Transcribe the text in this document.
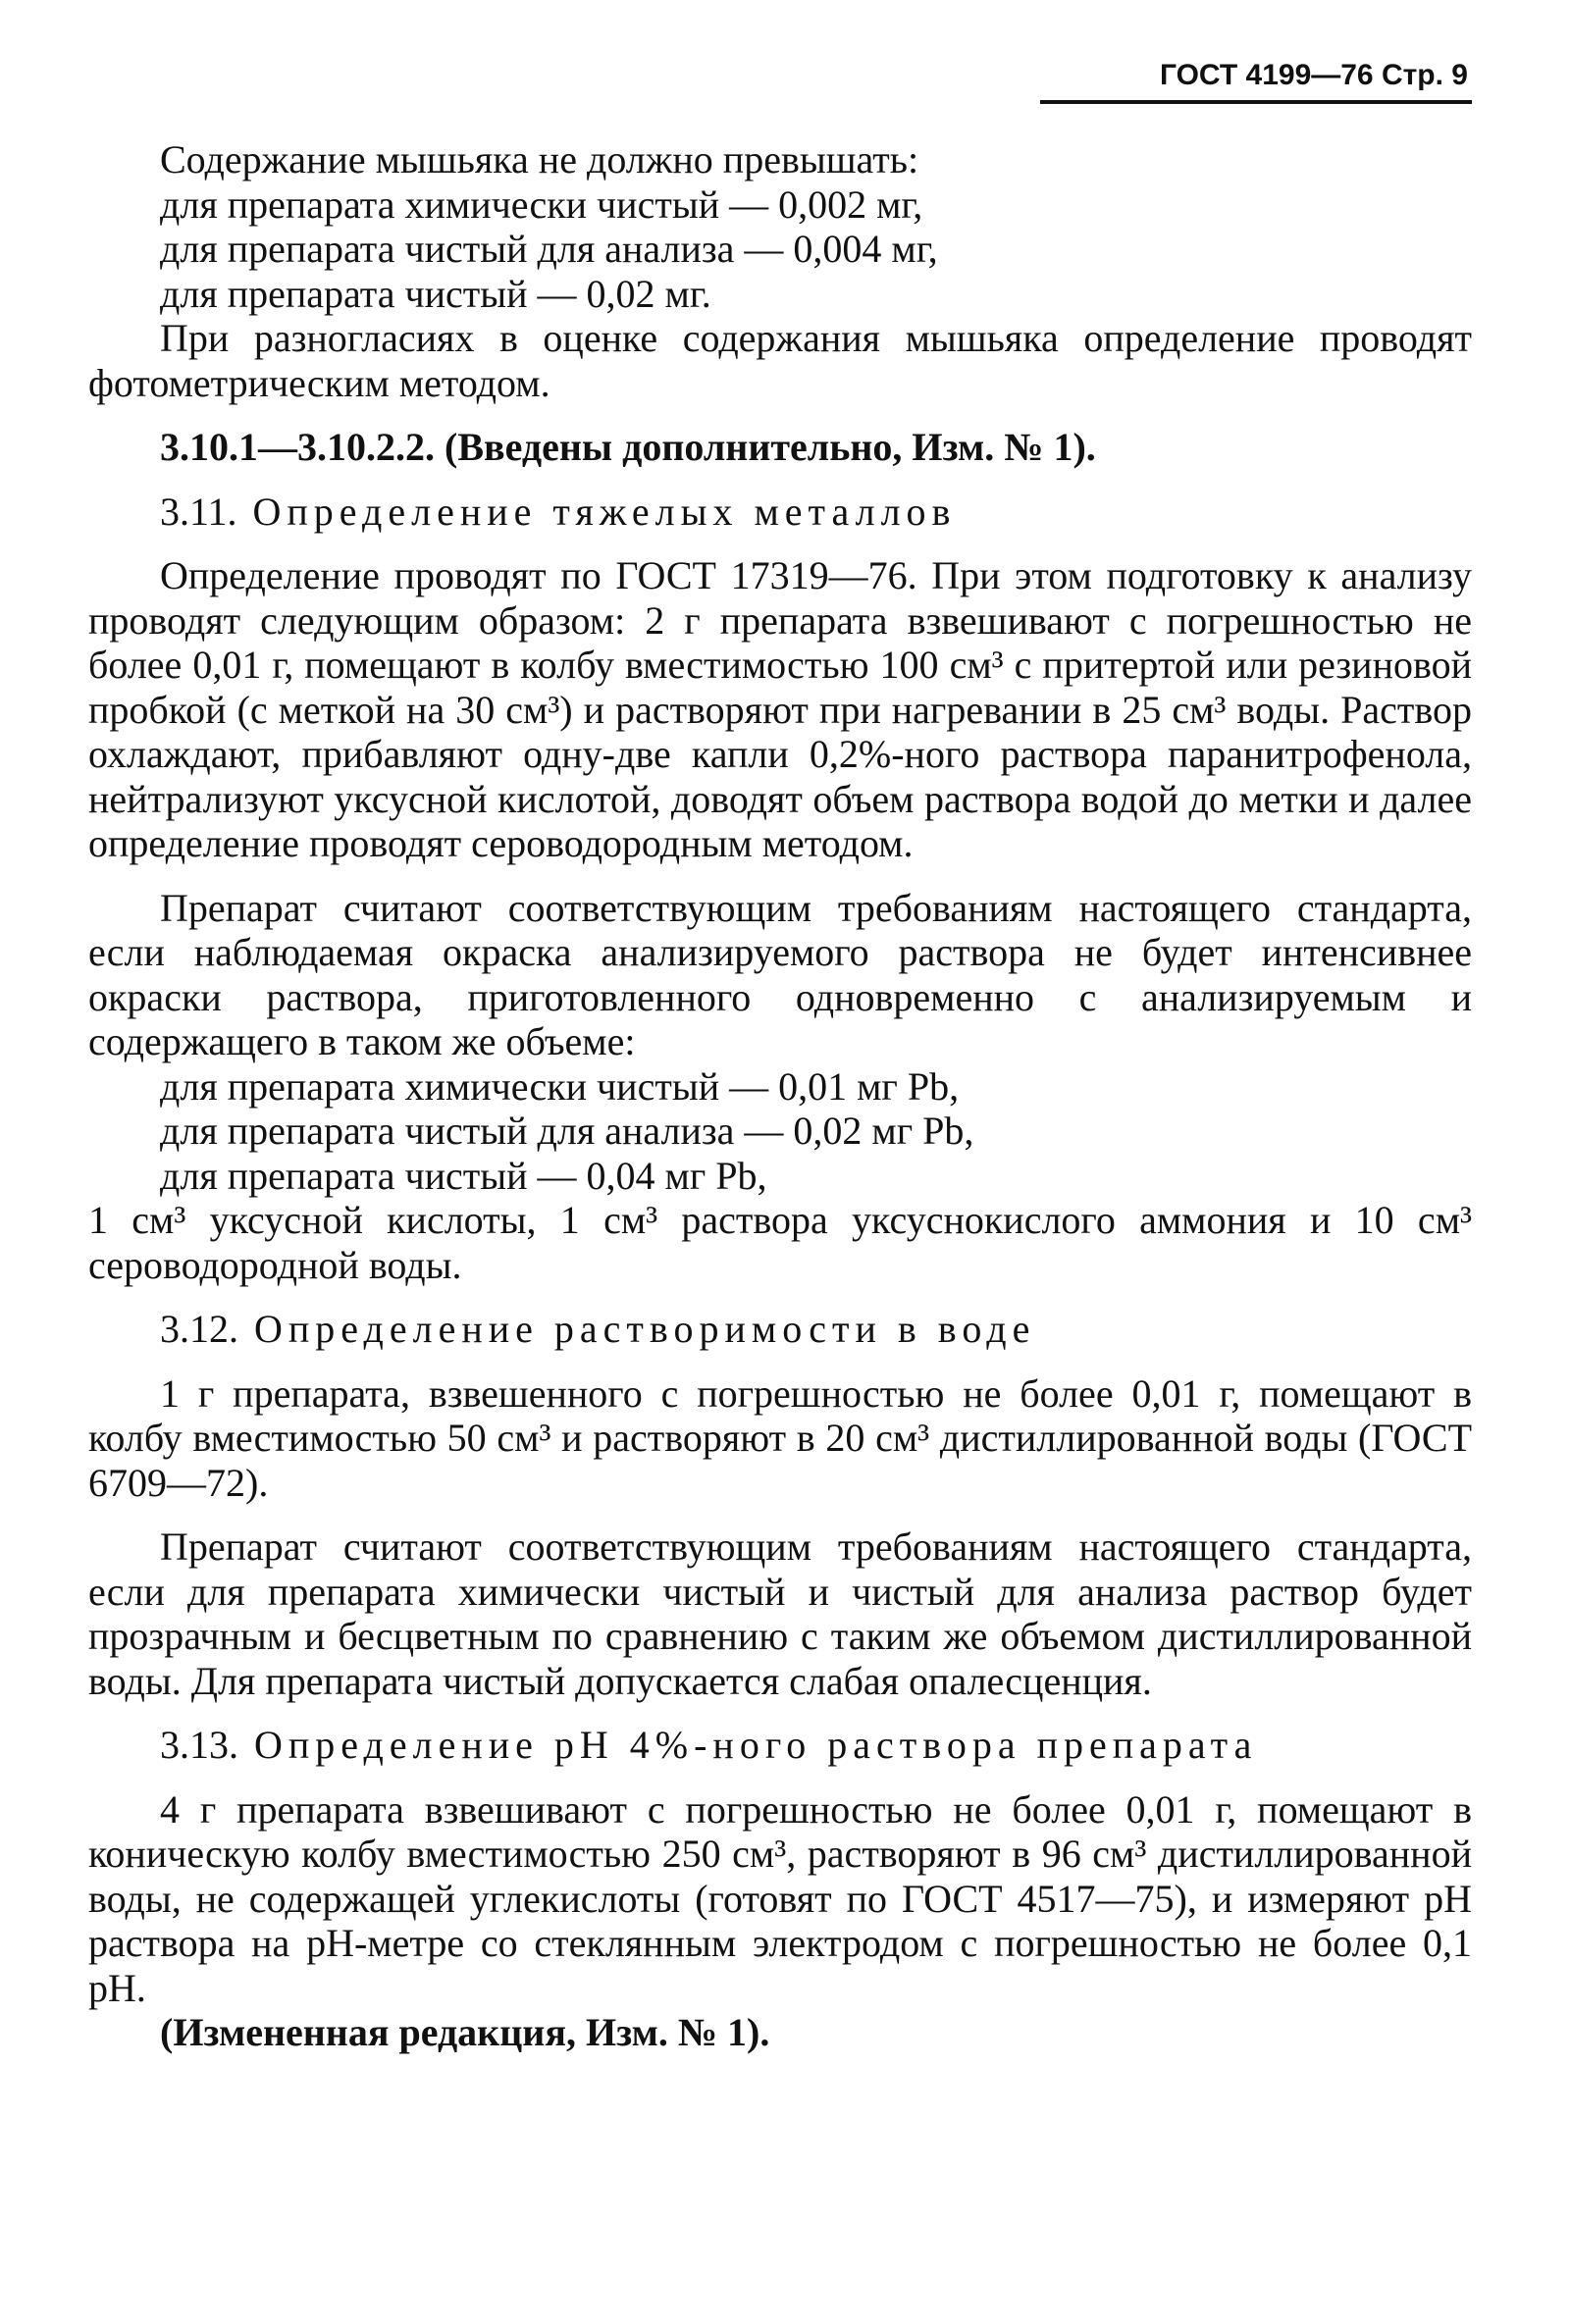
ГОСТ 4199—76 Стр. 9

Содержание мышьяка не должно превышать:

для препарата химически чистый — 0,002 мг,

для препарата чистый для анализа — 0,004 мг,

для препарата чистый — 0,02 мг.

При разногласиях в оценке содержания мышьяка определение проводят фотометрическим методом.

3.10.1—3.10.2.2. (Введены дополнительно, Изм. № 1).

3.11. Определение тяжелых металлов

Определение проводят по ГОСТ 17319—76. При этом подготовку к анализу проводят следующим образом: 2 г препарата взвешивают с погрешностью не более 0,01 г, помещают в колбу вместимостью 100 см³ с притертой или резиновой пробкой (с меткой на 30 см³) и растворяют при нагревании в 25 см³ воды. Раствор охлаждают, прибавляют одну-две капли 0,2%-ного раствора паранитрофенола, нейтрализуют уксусной кислотой, доводят объем раствора водой до метки и далее определение проводят сероводородным методом.

Препарат считают соответствующим требованиям настоящего стандарта, если наблюдаемая окраска анализируемого раствора не будет интенсивнее окраски раствора, приготовленного одновременно с анализируемым и содержащего в таком же объеме:

для препарата химически чистый — 0,01 мг Pb,

для препарата чистый для анализа — 0,02 мг Pb,

для препарата чистый — 0,04 мг Pb,

1 см³ уксусной кислоты, 1 см³ раствора уксуснокислого аммония и 10 см³ сероводородной воды.

3.12. Определение растворимости в воде

1 г препарата, взвешенного с погрешностью не более 0,01 г, помещают в колбу вместимостью 50 см³ и растворяют в 20 см³ дистиллированной воды (ГОСТ 6709—72).

Препарат считают соответствующим требованиям настоящего стандарта, если для препарата химически чистый и чистый для анализа раствор будет прозрачным и бесцветным по сравнению с таким же объемом дистиллированной воды. Для препарата чистый допускается слабая опалесценция.

3.13. Определение pH 4%-ного раствора препарата

4 г препарата взвешивают с погрешностью не более 0,01 г, помещают в коническую колбу вместимостью 250 см³, растворяют в 96 см³ дистиллированной воды, не содержащей углекислоты (готовят по ГОСТ 4517—75), и измеряют pH раствора на pH-метре со стеклянным электродом с погрешностью не более 0,1 pH.

(Измененная редакция, Изм. № 1).
